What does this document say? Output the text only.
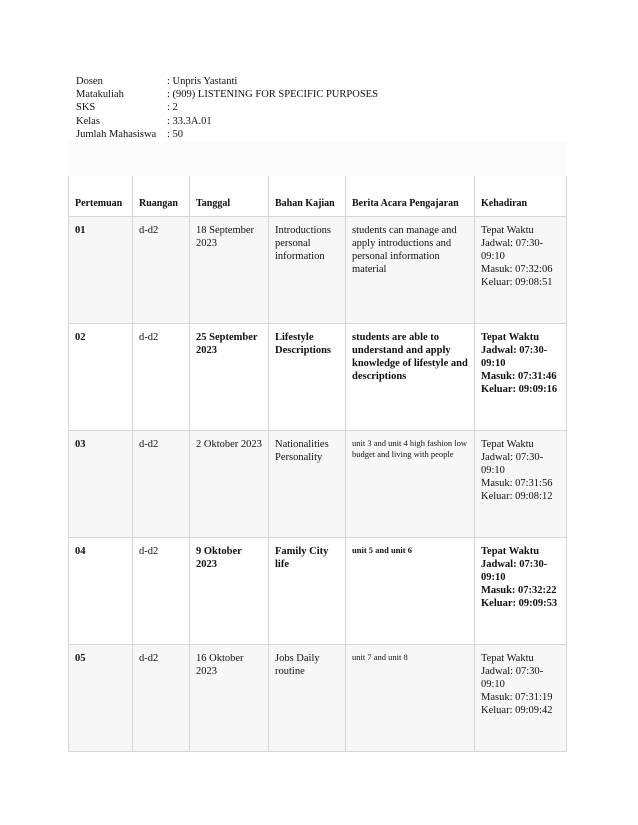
Dosen	: Unpris Yastanti
Matakuliah	: (909) LISTENING FOR SPECIFIC PURPOSES
SKS	: 2
Kelas	: 33.3A.01
Jumlah Mahasiswa	: 50
Pertemuan	Ruangan	Tanggal	Bahan Kajian	Berita Acara Pengajaran	Kehadiran
01	d-d2	18 September 2023	Introductions personal information	students can manage and apply introductions and personal information material	Tepat Waktu
Jadwal: 07:30-09:10
Masuk: 07:32:06
Keluar: 09:08:51

02	d-d2	25 September 2023	Lifestyle Descriptions	students are able to understand and apply knowledge of lifestyle and descriptions	Tepat Waktu
Jadwal: 07:30-09:10
Masuk: 07:31:46
Keluar: 09:09:16

03	d-d2	2 Oktober 2023	Nationalities Personality	unit 3 and unit 4 high fashion low budget and living with people	Tepat Waktu
Jadwal: 07:30-09:10
Masuk: 07:31:56
Keluar: 09:08:12

04	d-d2	9 Oktober 2023	Family City life	unit 5 and unit 6	Tepat Waktu
Jadwal: 07:30-09:10
Masuk: 07:32:22
Keluar: 09:09:53

05	d-d2	16 Oktober 2023	Jobs Daily routine	unit 7 and unit 8	Tepat Waktu
Jadwal: 07:30-09:10
Masuk: 07:31:19
Keluar: 09:09:42
